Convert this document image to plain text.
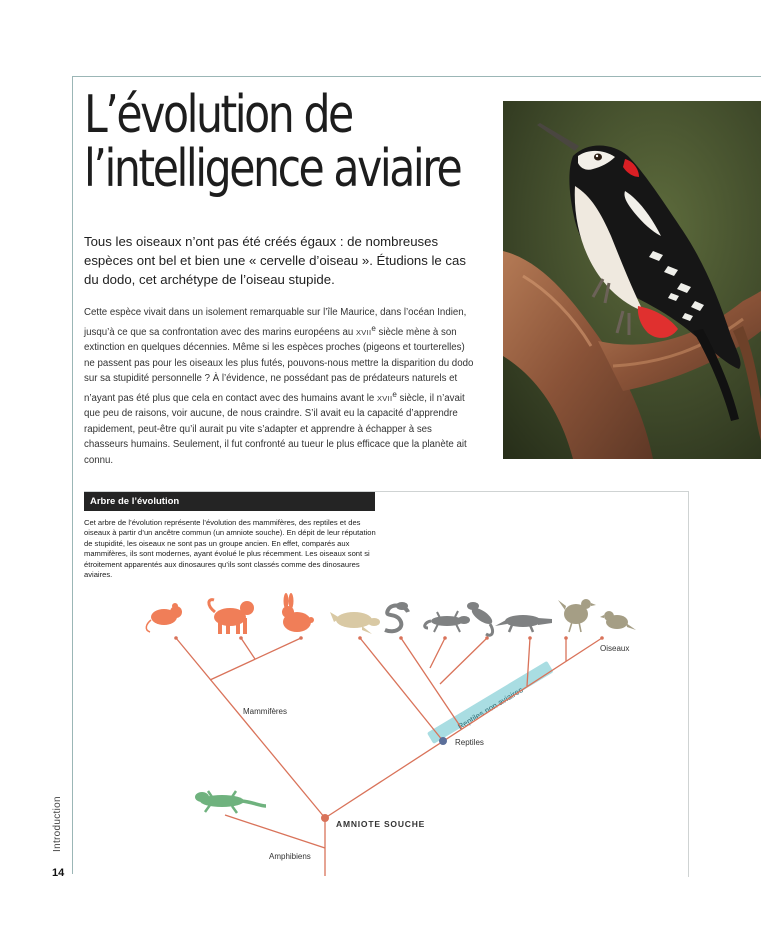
L’évolution de
l’intelligence aviaire

Tous les oiseaux n’ont pas été créés égaux : de nombreuses espèces ont bel et bien une « cervelle d’oiseau ». Étudions le cas du dodo, cet archétype de l’oiseau stupide.

Cette espèce vivait dans un isolement remarquable sur l’île Maurice, dans l’océan Indien, jusqu’à ce que sa confrontation avec des marins européens au XVIIe siècle mène à son extinction en quelques décennies. Même si les espèces proches (pigeons et tourterelles) ne passent pas pour les oiseaux les plus futés, pouvons-nous mettre la disparition du dodo sur sa stupidité personnelle ? À l’évidence, ne possédant pas de prédateurs naturels et n’ayant pas été plus que cela en contact avec des humains avant le XVIIe siècle, il n’avait que peu de raisons, voir aucune, de nous craindre. S’il avait eu la capacité d’apprendre rapidement, peut-être qu’il aurait pu vite s’adapter et apprendre à échapper à ses chasseurs humains. Seulement, il fut confronté au tueur le plus efficace que la planète ait connu.

Arbre de l’évolution

Cet arbre de l’évolution représente l’évolution des mammifères, des reptiles et des oiseaux à partir d’un ancêtre commun (un amniote souche). En dépit de leur réputation de stupidité, les oiseaux ne sont pas un groupe ancien. En effet, comparés aux mammifères, ils sont modernes, ayant évolué le plus récemment. Les oiseaux sont si étroitement apparentés aux dinosaures qu’ils sont classés comme des dinosaures aviaires.

Reptiles non aviaires
Mammifères
Reptiles
Oiseaux
AMNIOTE SOUCHE
Amphibiens
Introduction
14
